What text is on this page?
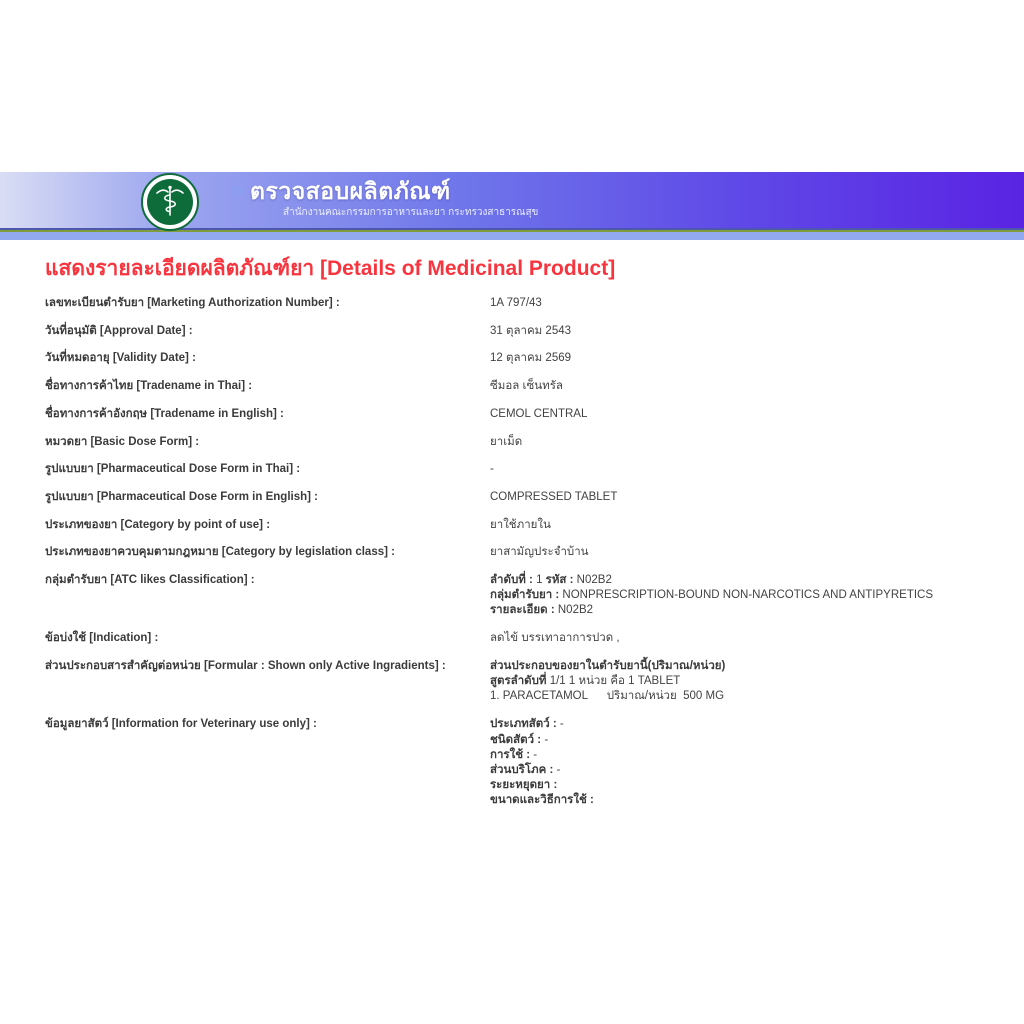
ตรวจสอบผลิตภัณฑ์
สำนักงานคณะกรรมการอาหารและยา กระทรวงสาธารณสุข
แสดงรายละเอียดผลิตภัณฑ์ยา [Details of Medicinal Product]
เลขทะเบียนตำรับยา [Marketing Authorization Number] :	1A 797/43
วันที่อนุมัติ [Approval Date] :	31 ตุลาคม 2543
วันที่หมดอายุ [Validity Date] :	12 ตุลาคม 2569
ชื่อทางการค้าไทย [Tradename in Thai] :	ซีมอล เซ็นทรัล
ชื่อทางการค้าอังกฤษ [Tradename in English] :	CEMOL CENTRAL
หมวดยา [Basic Dose Form] :	ยาเม็ด
รูปแบบยา [Pharmaceutical Dose Form in Thai] :	-
รูปแบบยา [Pharmaceutical Dose Form in English] :	COMPRESSED TABLET
ประเภทของยา [Category by point of use] :	ยาใช้ภายใน
ประเภทของยาควบคุมตามกฎหมาย [Category by legislation class] :	ยาสามัญประจำบ้าน
กลุ่มตำรับยา [ATC likes Classification] :	ลำดับที่ : 1 รหัส : N02B2
กลุ่มตำรับยา : NONPRESCRIPTION-BOUND NON-NARCOTICS AND ANTIPYRETICS
รายละเอียด : N02B2
ข้อบ่งใช้ [Indication] :	ลดไข้ บรรเทาอาการปวด ,
ส่วนประกอบสารสำคัญต่อหน่วย [Formular : Shown only Active Ingradients] :	ส่วนประกอบของยาในตำรับยานี้(ปริมาณ/หน่วย)
สูตรลำดับที่ 1/1 1 หน่วย คือ 1 TABLET
1. PARACETAMOL      ปริมาณ/หน่วย  500 MG
ข้อมูลยาสัตว์ [Information for Veterinary use only] :	ประเภทสัตว์ : -
ชนิดสัตว์ : -
การใช้ : -
ส่วนบริโภค : -
ระยะหยุดยา :
ขนาดและวิธีการใช้ :
